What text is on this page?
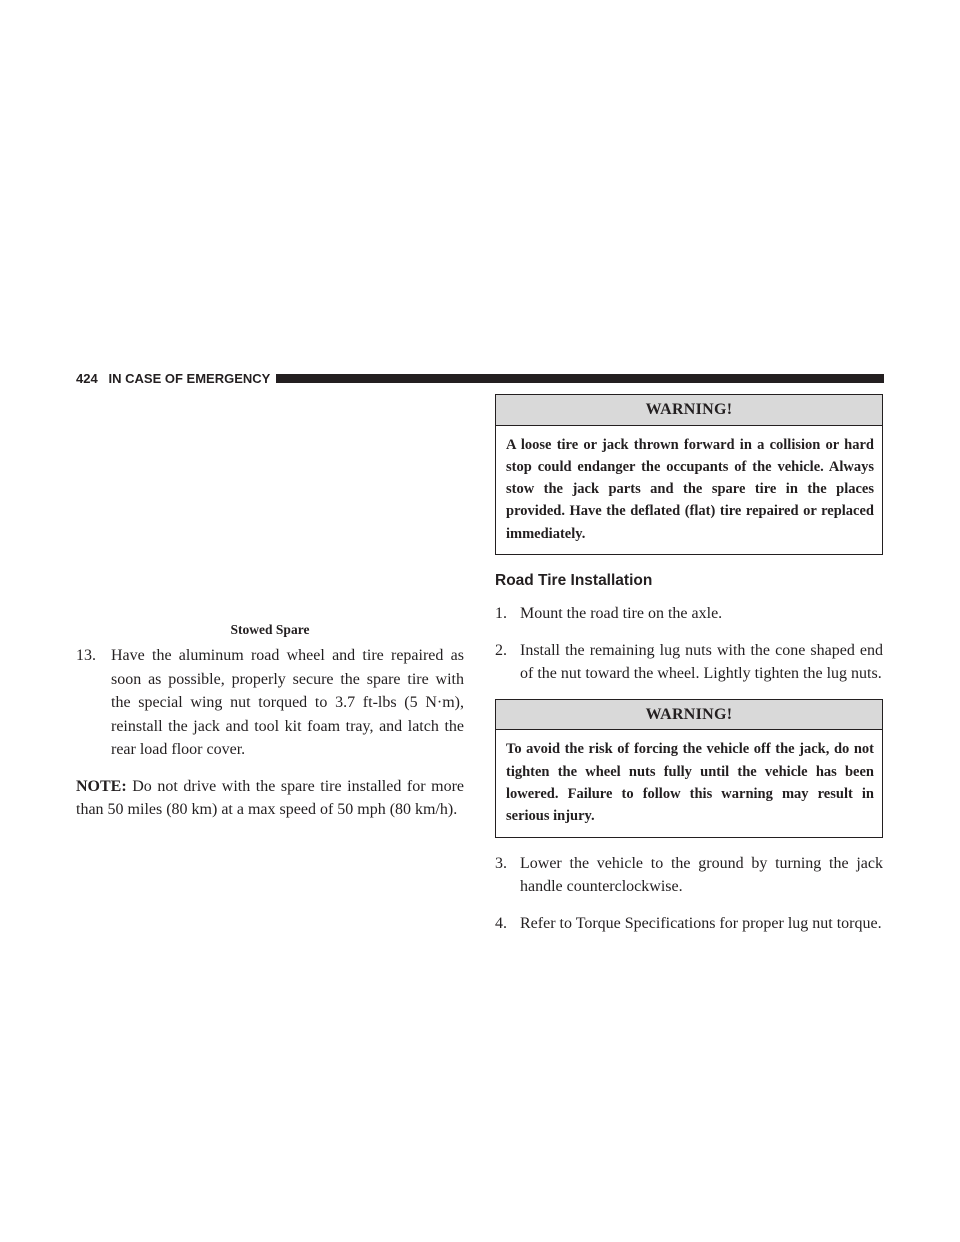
424 IN CASE OF EMERGENCY
Stowed Spare

13. Have the aluminum road wheel and tire repaired as soon as possible, properly secure the spare tire with the special wing nut torqued to 3.7 ft-lbs (5 N·m), reinstall the jack and tool kit foam tray, and latch the rear load floor cover.

NOTE: Do not drive with the spare tire installed for more than 50 miles (80 km) at a max speed of 50 mph (80 km/h).

WARNING!
A loose tire or jack thrown forward in a collision or hard stop could endanger the occupants of the vehicle. Always stow the jack parts and the spare tire in the places provided. Have the deflated (flat) tire repaired or replaced immediately.
Road Tire Installation

1. Mount the road tire on the axle.

2. Install the remaining lug nuts with the cone shaped end of the nut toward the wheel. Lightly tighten the lug nuts.

WARNING!
To avoid the risk of forcing the vehicle off the jack, do not tighten the wheel nuts fully until the vehicle has been lowered. Failure to follow this warning may result in serious injury.

3. Lower the vehicle to the ground by turning the jack handle counterclockwise.

4. Refer to Torque Specifications for proper lug nut torque.
